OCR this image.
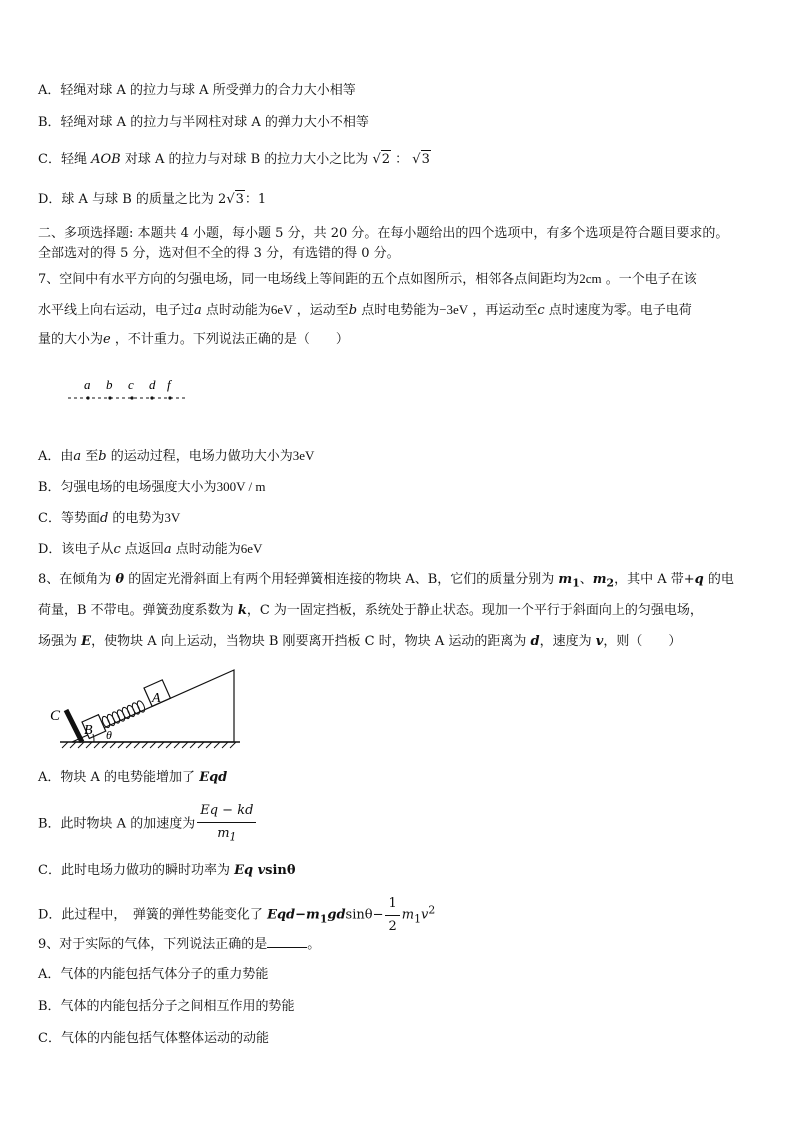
A．轻绳对球 A 的拉力与球 A 所受弹力的合力大小相等
B．轻绳对球 A 的拉力与半网柱对球 A 的弹力大小不相等
C．轻绳 AOB 对球 A 的拉力与对球 B 的拉力大小之比为 √2 ： √3
D．球 A 与球 B 的质量之比为 2√3：1
二、多项选择题: 本题共 4 小题，每小题 5 分，共 20 分。在每小题给出的四个选项中，有多个选项是符合题目要求的。
全部选对的得 5 分，选对但不全的得 3 分，有选错的得 0 分。
7、空间中有水平方向的匀强电场，同一电场线上等间距的五个点如图所示，相邻各点间距均为2cm 。一个电子在该
水平线上向右运动，电子过a 点时动能为6eV ，运动至b 点时电势能为−3eV ，再运动至c 点时速度为零。电子电荷
量的大小为e ，不计重力。下列说法正确的是（　　）
a b c d f
A．由a 至b 的运动过程，电场力做功大小为3eV
B．匀强电场的电场强度大小为300V / m
C．等势面d 的电势为3V
D．该电子从c 点返回a 点时动能为6eV
8、在倾角为 θ 的固定光滑斜面上有两个用轻弹簧相连接的物块 A、B，它们的质量分别为 $m_1$、$m_2$，其中 A 带+q 的电
荷量，B 不带电。弹簧劲度系数为 k，C 为一固定挡板，系统处于静止状态。现加一个平行于斜面向上的匀强电场，
场强为 E，使物块 A 向上运动，当物块 B 刚要离开挡板 C 时，物块 A 运动的距离为 d，速度为 v，则（　　）
C
B
A
θ
A．物块 A 的电势能增加了 Eqd
B．此时物块 A 的加速度为 $\frac{Eq - kd}{m_1}$
C．此时电场力做功的瞬时功率为 Eq vsinθ
D．此过程中，　弹簧的弹性势能变化了 $Eqd-m_1gdsin\theta- \frac{1}{2} m_1v^2$
9、对于实际的气体，下列说法正确的是	。
A．气体的内能包括气体分子的重力势能
B．气体的内能包括分子之间相互作用的势能
C．气体的内能包括气体整体运动的动能
